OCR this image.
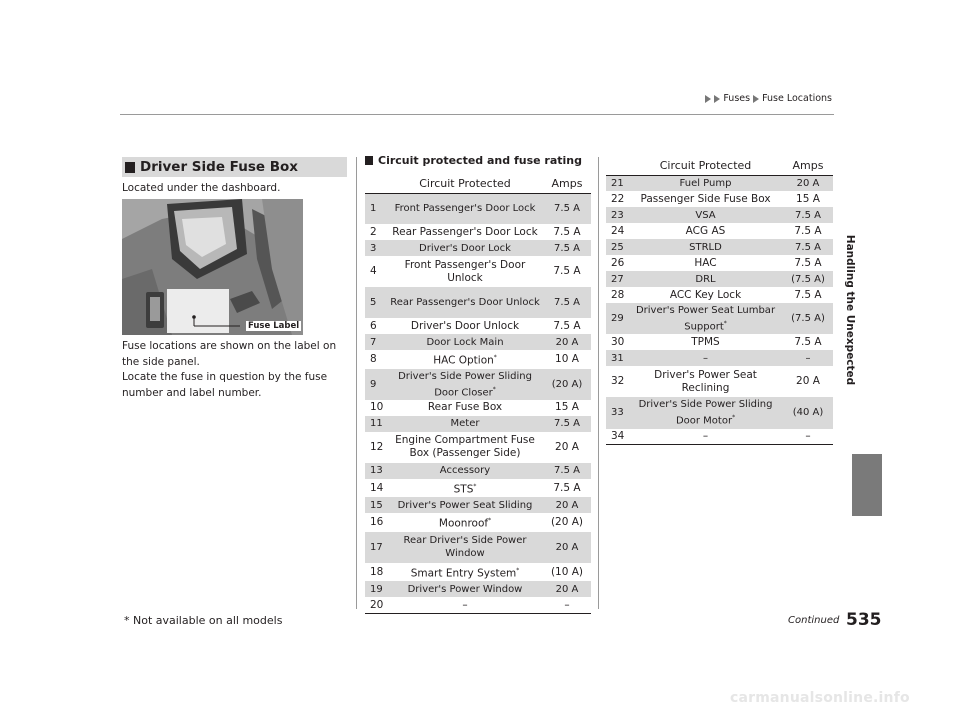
Fuses Fuse Locations
Handling the Unexpected
Driver Side Fuse Box
Located under the dashboard.
Fuse Label
Fuse locations are shown on the label on the side panel.
Locate the fuse in question by the fuse number and label number.
Circuit protected and fuse rating
	Circuit Protected	Amps
1	Front Passenger's Door Lock	7.5 A
2	Rear Passenger's Door Lock	7.5 A
3	Driver's Door Lock	7.5 A
4	Front Passenger's Door Unlock	7.5 A
5	Rear Passenger's Door Unlock	7.5 A
6	Driver's Door Unlock	7.5 A
7	Door Lock Main	20 A
8	HAC Option*	10 A
9	Driver's Side Power Sliding Door Closer*	(20 A)
10	Rear Fuse Box	15 A
11	Meter	7.5 A
12	Engine Compartment Fuse Box (Passenger Side)	20 A
13	Accessory	7.5 A
14	STS*	7.5 A
15	Driver's Power Seat Sliding	20 A
16	Moonroof*	(20 A)
17	Rear Driver's Side Power Window	20 A
18	Smart Entry System*	(10 A)
19	Driver's Power Window	20 A
20	–	–
	Circuit Protected	Amps
21	Fuel Pump	20 A
22	Passenger Side Fuse Box	15 A
23	VSA	7.5 A
24	ACG AS	7.5 A
25	STRLD	7.5 A
26	HAC	7.5 A
27	DRL	(7.5 A)
28	ACC Key Lock	7.5 A
29	Driver's Power Seat Lumbar Support*	(7.5 A)
30	TPMS	7.5 A
31	–	–
32	Driver's Power Seat Reclining	20 A
33	Driver's Side Power Sliding Door Motor*	(40 A)
34	–	–
* Not available on all models	Continued 535
carmanualsonline.info
